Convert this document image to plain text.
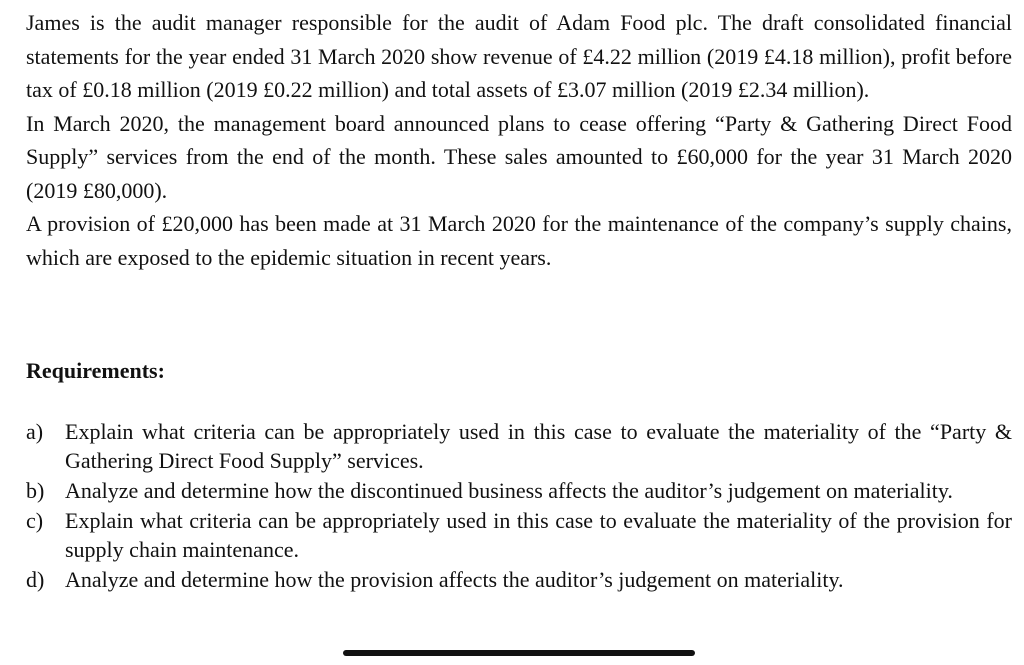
James is the audit manager responsible for the audit of Adam Food plc. The draft consolidated financial statements for the year ended 31 March 2020 show revenue of £4.22 million (2019 £4.18 million), profit before tax of £0.18 million (2019 £0.22 million) and total assets of £3.07 million (2019 £2.34 million).

In March 2020, the management board announced plans to cease offering “Party & Gathering Direct Food Supply” services from the end of the month. These sales amounted to £60,000 for the year 31 March 2020 (2019 £80,000).

A provision of £20,000 has been made at 31 March 2020 for the maintenance of the company’s supply chains, which are exposed to the epidemic situation in recent years.

Requirements:

a) Explain what criteria can be appropriately used in this case to evaluate the materiality of the “Party & Gathering Direct Food Supply” services.
b) Analyze and determine how the discontinued business affects the auditor’s judgement on materiality.
c) Explain what criteria can be appropriately used in this case to evaluate the materiality of the provision for supply chain maintenance.
d) Analyze and determine how the provision affects the auditor’s judgement on materiality.
